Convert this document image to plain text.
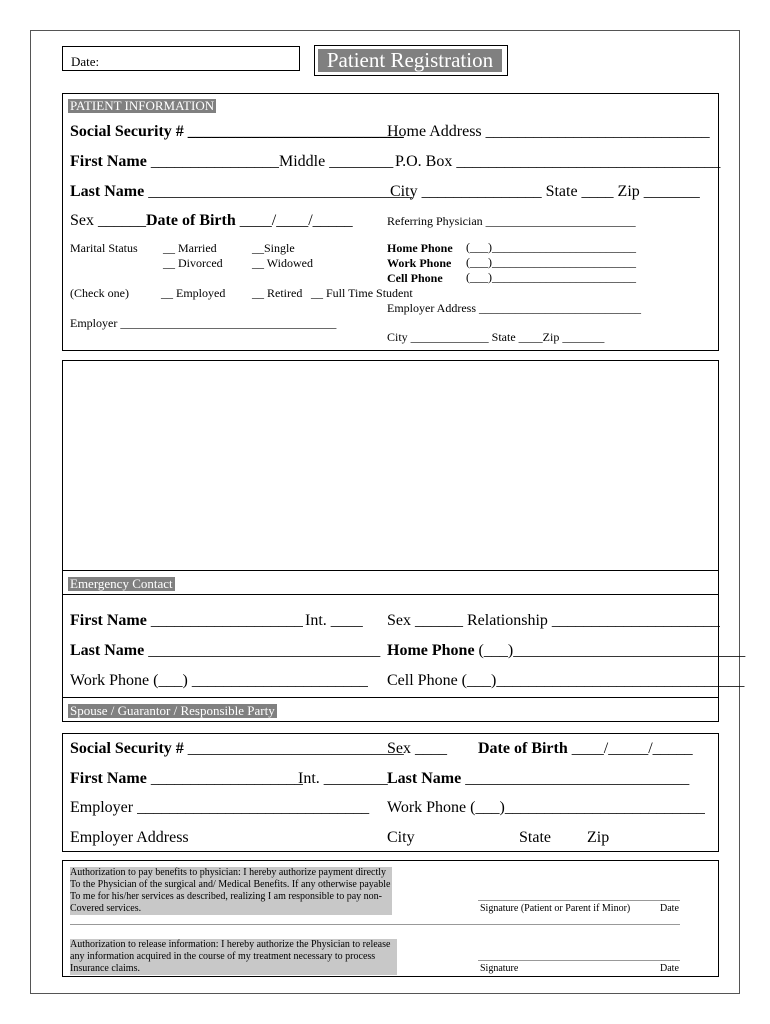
Date:	Patient Registration
PATIENT INFORMATION
Social Security # ___________________________
Home Address ____________________________
First Name ________________ Middle ________ P.O. Box _________________________________
Last Name _________________________________
City _______________ State ____ Zip _______
Sex ______ Date of Birth ____/____/_____	Referring Physician _________________________
Marital Status __ Married	__Single
__ Divorced __ Widowed
Home Phone (___)________________________
Work Phone (___)________________________
Cell Phone (___)________________________
(Check one)	__ Employed __ Retired __ Full Time Student
Employer Address ___________________________
Employer ____________________________________
City _____________ State ____Zip _______
Emergency Contact
First Name ___________________ Int. ____ Sex ______ Relationship _____________________
Last Name _____________________________ Home Phone (___)_____________________________
Work Phone (___) ______________________ Cell Phone (___)_______________________________
Spouse / Guarantor / Responsible Party
Social Security # ___________________________
Sex ____ Date of Birth ____/_____/_____
First Name ___________________
Int. ________ Last Name ____________________________
Employer _____________________________ Work Phone (___)_________________________
Employer Address	City	State Zip
Authorization to pay benefits to physician: I hereby authorize payment directly
To the Physician of the surgical and/ Medical Benefits. If any otherwise payable
To me for his/her services as described, realizing I am responsible to pay non-
Covered services.	Signature (Patient or Parent if Minor)	Date
Authorization to release information: I hereby authorize the Physician to release
any information acquired in the course of my treatment necessary to process
Insurance claims.	Signature	Date
